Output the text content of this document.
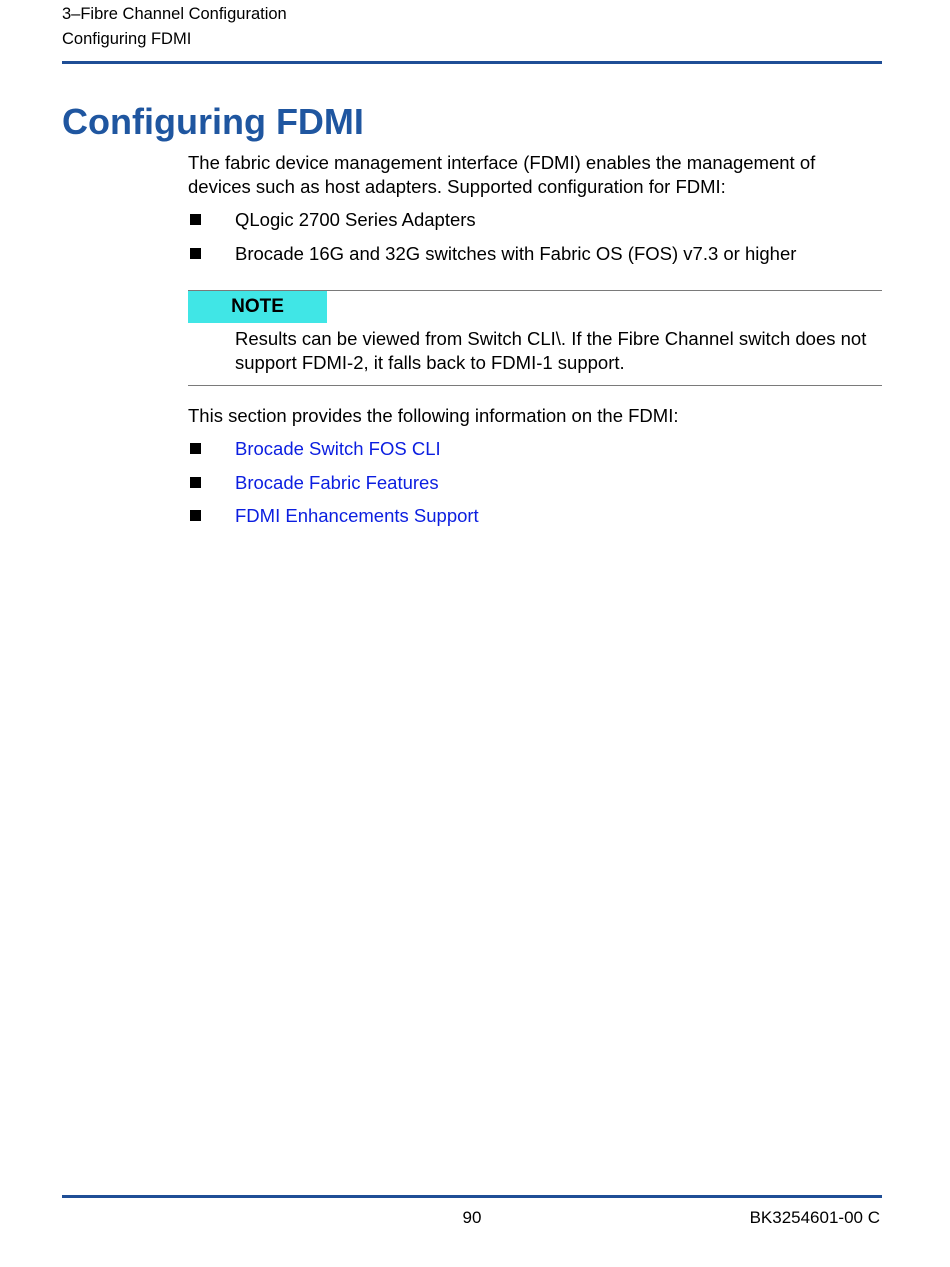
3–Fibre Channel Configuration
Configuring FDMI
Configuring FDMI

The fabric device management interface (FDMI) enables the management of devices such as host adapters. Supported configuration for FDMI:

QLogic 2700 Series Adapters
Brocade 16G and 32G switches with Fabric OS (FOS) v7.3 or higher
NOTE
Results can be viewed from Switch CLI\. If the Fibre Channel switch does not support FDMI-2, it falls back to FDMI-1 support.

This section provides the following information on the FDMI:

Brocade Switch FOS CLI
Brocade Fabric Features
FDMI Enhancements Support
90	BK3254601-00 C
